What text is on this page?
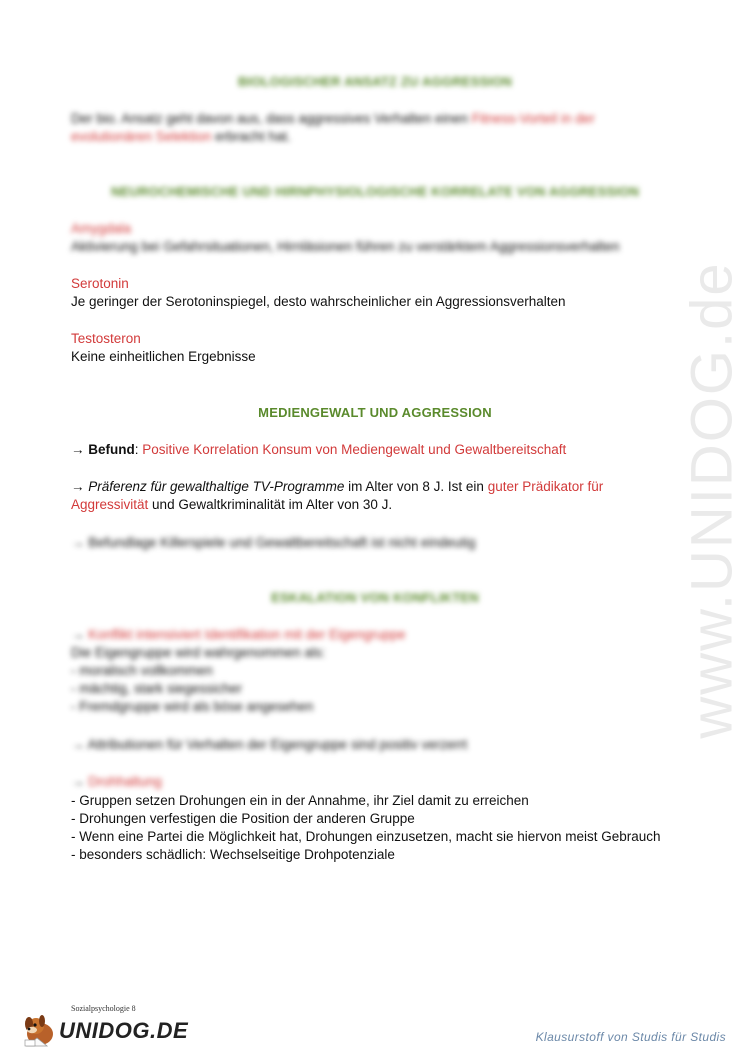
www.UNIDOG.de
BIOLOGISCHER ANSATZ ZU AGGRESSION
Der bio. Ansatz geht davon aus, dass aggressives Verhalten einen Fitness-Vorteil in der
evolutionären Selektion erbracht hat.
NEUROCHEMISCHE UND HIRNPHYSIOLOGISCHE KORRELATE VON AGGRESSION
Amygdala
Aktivierung bei Gefahrsituationen, Hirnläsionen führen zu verstärktem Aggressionsverhalten
Serotonin
Je geringer der Serotoninspiegel, desto wahrscheinlicher ein Aggressionsverhalten
Testosteron
Keine einheitlichen Ergebnisse
MEDIENGEWALT UND AGGRESSION
→ Befund: Positive Korrelation Konsum von Mediengewalt und Gewaltbereitschaft
→ Präferenz für gewalthaltige TV-Programme im Alter von 8 J. Ist ein guter Prädikator für
Aggressivität und Gewaltkriminalität im Alter von 30 J.
→ Befundlage Killerspiele und Gewaltbereitschaft ist nicht eindeutig
ESKALATION VON KONFLIKTEN
→ Konflikt intensiviert Identifikation mit der Eigengruppe
Die Eigengruppe wird wahrgenommen als:
- moralisch vollkommen
- mächtig, stark siegessicher
- Fremdgruppe wird als böse angesehen
→ Attributionen für Verhalten der Eigengruppe sind positiv verzerrt
→ Drohhaltung
- Gruppen setzen Drohungen ein in der Annahme, ihr Ziel damit zu erreichen
- Drohungen verfestigen die Position der anderen Gruppe
- Wenn eine Partei die Möglichkeit hat, Drohungen einzusetzen, macht sie hiervon meist Gebrauch
- besonders schädlich: Wechselseitige Drohpotenziale
Sozialpsychologie 8
UNIDOG.DE	Klausurstoff von Studis für Studis
